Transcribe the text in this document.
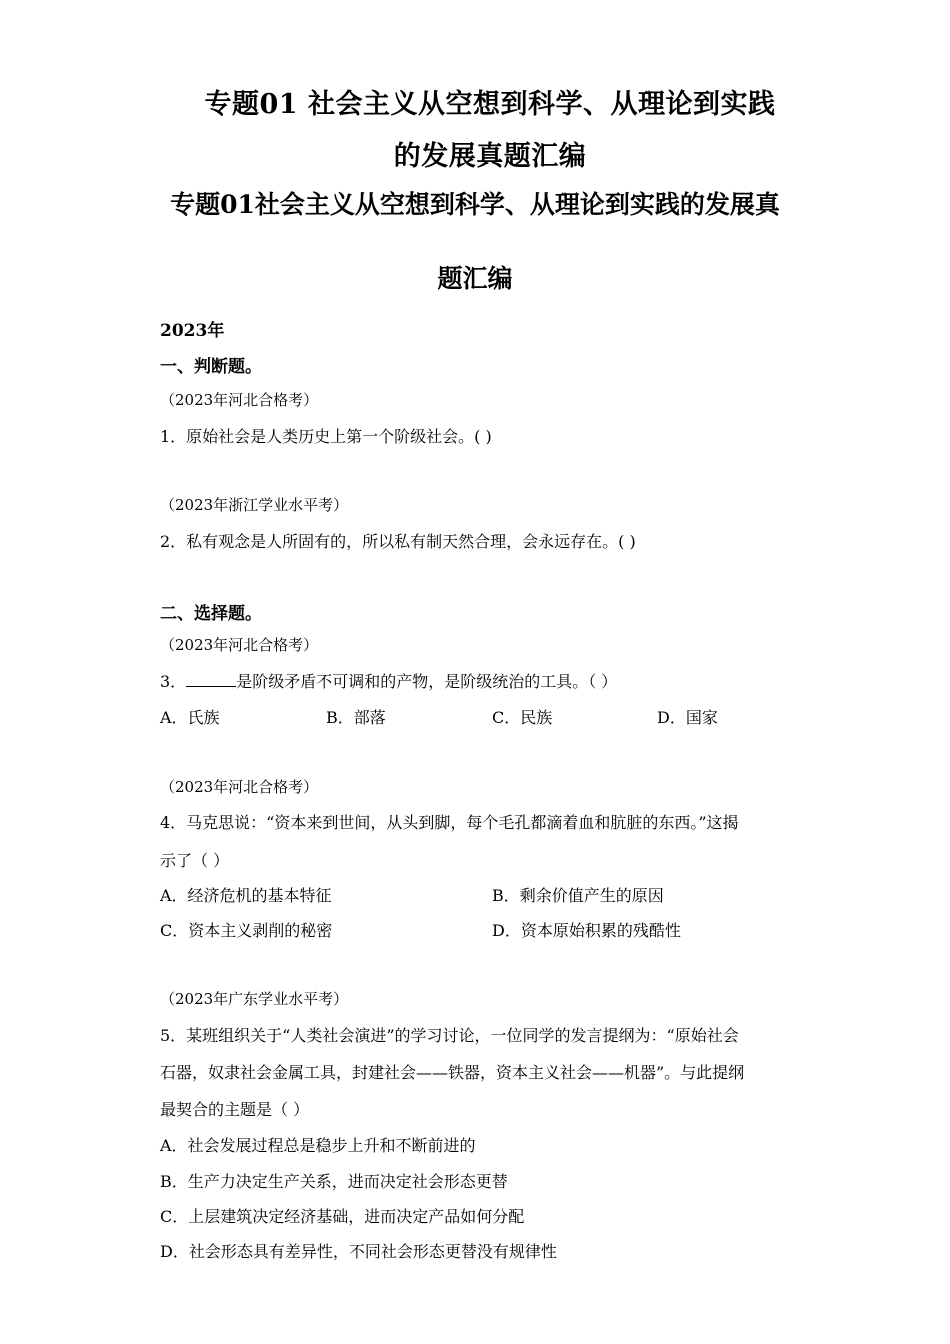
专题01 社会主义从空想到科学、从理论到实践
的发展真题汇编
专题01社会主义从空想到科学、从理论到实践的发展真
题汇编
2023年
一、判断题。
（2023年河北合格考）
1．原始社会是人类历史上第一个阶级社会。( )
（2023年浙江学业水平考）
2．私有观念是人所固有的，所以私有制天然合理，会永远存在。( )
二、选择题。
（2023年河北合格考）
3．	是阶级矛盾不可调和的产物，是阶级统治的工具。（ ）
A．氏族	B．部落	C．民族	D．国家
（2023年河北合格考）
4．马克思说：“资本来到世间，从头到脚，每个毛孔都滴着血和肮脏的东西。”这揭
示了（ ）
A．经济危机的基本特征	B．剩余价值产生的原因
C．资本主义剥削的秘密	D．资本原始积累的残酷性
（2023年广东学业水平考）
5．某班组织关于“人类社会演进”的学习讨论，一位同学的发言提纲为：“原始社会
石器，奴隶社会金属工具，封建社会——铁器，资本主义社会——机器”。与此提纲
最契合的主题是（ ）
A．社会发展过程总是稳步上升和不断前进的
B．生产力决定生产关系，进而决定社会形态更替
C．上层建筑决定经济基础，进而决定产品如何分配
D．社会形态具有差异性，不同社会形态更替没有规律性
